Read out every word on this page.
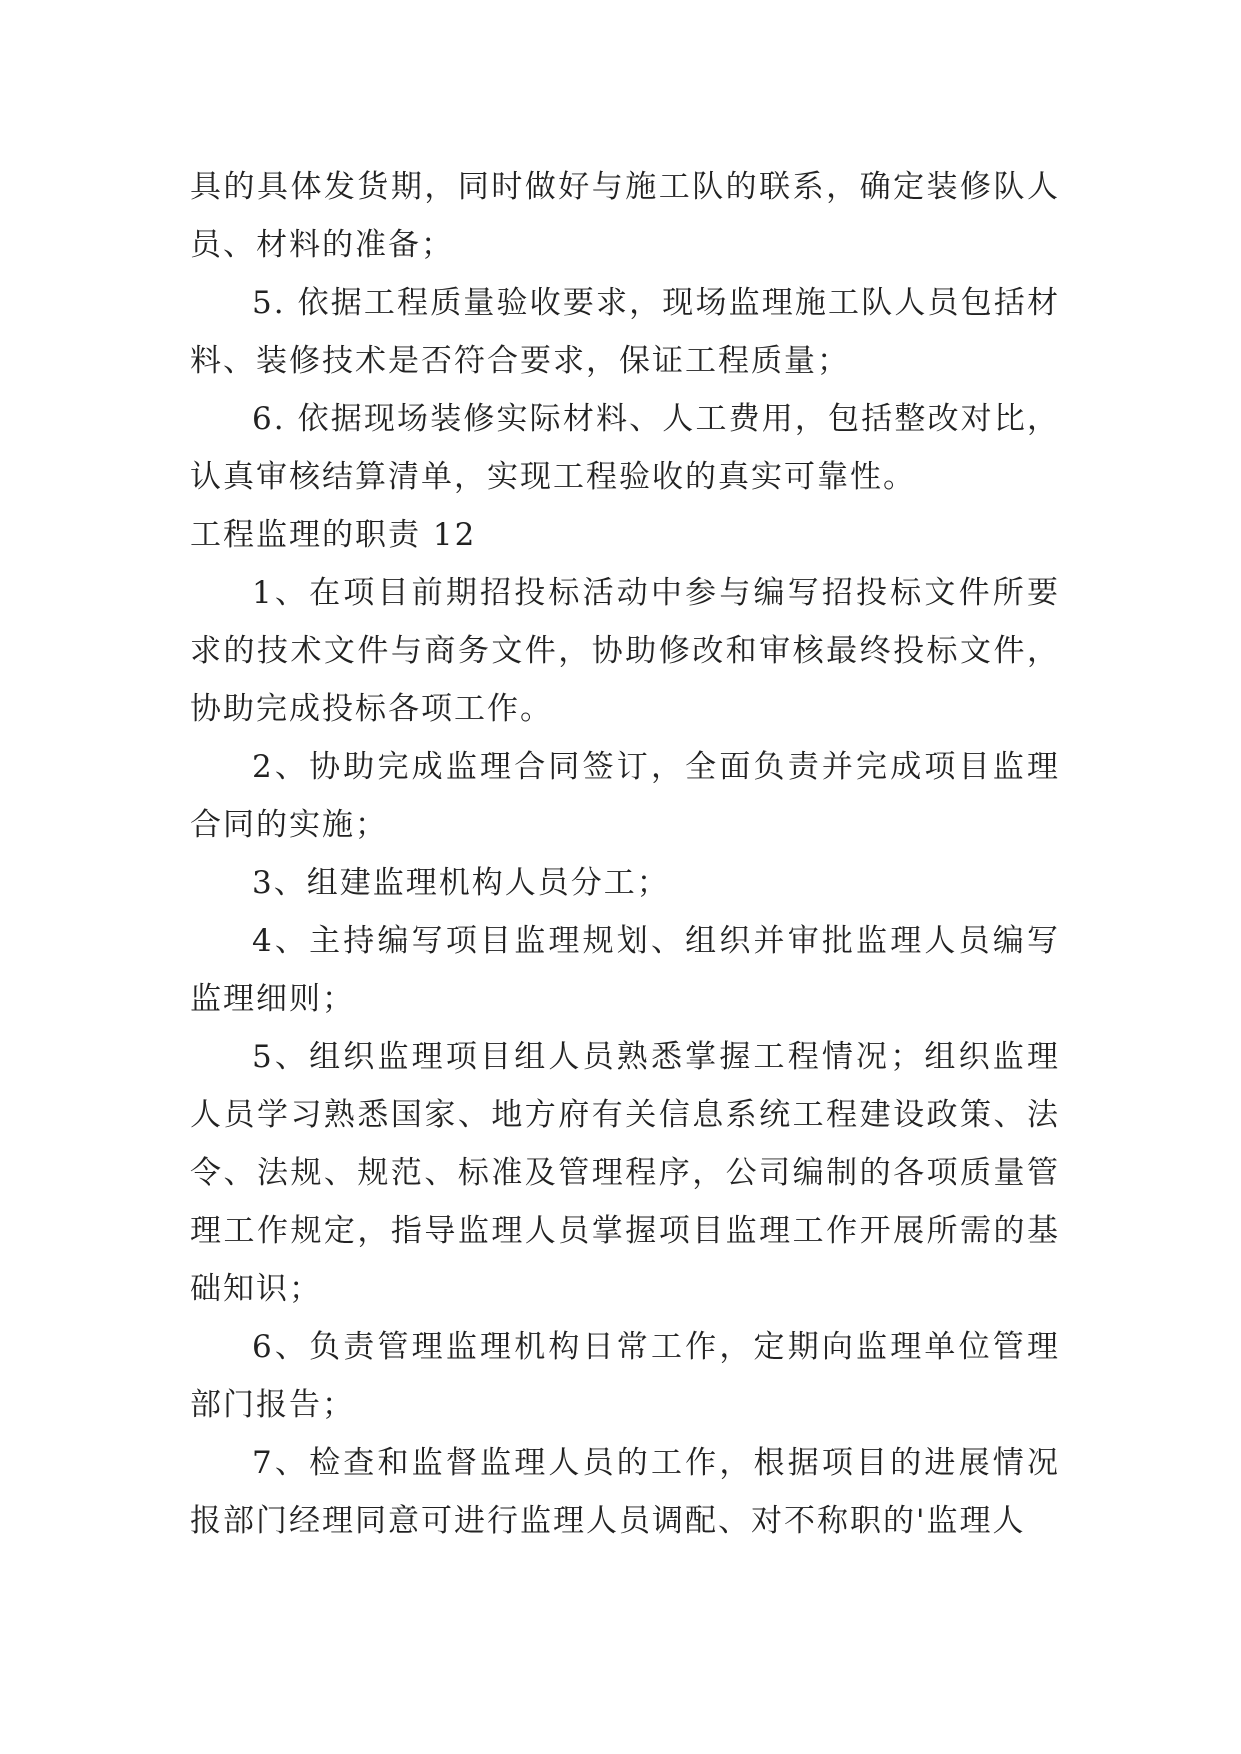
具的具体发货期，同时做好与施工队的联系，确定装修队人员、材料的准备；

5. 依据工程质量验收要求，现场监理施工队人员包括材料、装修技术是否符合要求，保证工程质量；

6. 依据现场装修实际材料、人工费用，包括整改对比，认真审核结算清单，实现工程验收的真实可靠性。

工程监理的职责 12

1、在项目前期招投标活动中参与编写招投标文件所要求的技术文件与商务文件，协助修改和审核最终投标文件，协助完成投标各项工作。

2、协助完成监理合同签订，全面负责并完成项目监理合同的实施；

3、组建监理机构人员分工；

4、主持编写项目监理规划、组织并审批监理人员编写监理细则；

5、组织监理项目组人员熟悉掌握工程情况；组织监理人员学习熟悉国家、地方府有关信息系统工程建设政策、法令、法规、规范、标准及管理程序，公司编制的各项质量管理工作规定，指导监理人员掌握项目监理工作开展所需的基础知识；

6、负责管理监理机构日常工作，定期向监理单位管理部门报告；

7、检查和监督监理人员的工作，根据项目的进展情况报部门经理同意可进行监理人员调配、对不称职的'监理人
